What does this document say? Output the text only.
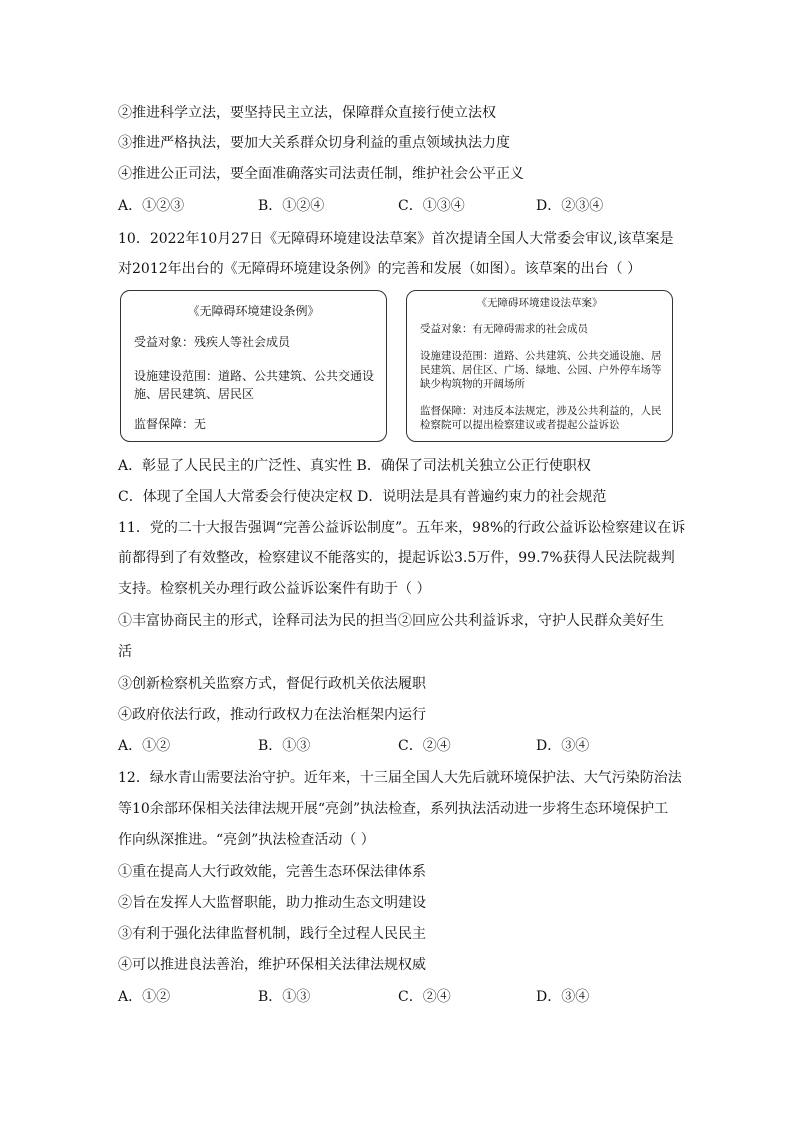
②推进科学立法，要坚持民主立法，保障群众直接行使立法权
③推进严格执法，要加大关系群众切身利益的重点领域执法力度
④推进公正司法，要全面准确落实司法责任制，维护社会公平正义
A．①②③	B．①②④	C．①③④	D．②③④
10．2022年10月27日《无障碍环境建设法草案》首次提请全国人大常委会审议,该草案是
对2012年出台的《无障碍环境建设条例》的完善和发展（如图）。该草案的出台（ ）
《无障碍环境建设条例》
受益对象：残疾人等社会成员
设施建设范围：道路、公共建筑、公共交通设施、居民建筑、居民区
监督保障：无
《无障碍环境建设法草案》
受益对象：有无障碍需求的社会成员
设施建设范围：道路、公共建筑、公共交通设施、居民建筑、居住区、广场、绿地、公园、户外停车场等缺少构筑物的开阔场所
监督保障：对违反本法规定，涉及公共利益的，人民检察院可以提出检察建议或者提起公益诉讼
A．彰显了人民民主的广泛性、真实性 B．确保了司法机关独立公正行使职权
C．体现了全国人大常委会行使决定权 D．说明法是具有普遍约束力的社会规范
11．党的二十大报告强调“完善公益诉讼制度”。五年来，98%的行政公益诉讼检察建议在诉
前都得到了有效整改，检察建议不能落实的，提起诉讼3.5万件，99.7%获得人民法院裁判
支持。检察机关办理行政公益诉讼案件有助于（ ）
①丰富协商民主的形式，诠释司法为民的担当②回应公共利益诉求，守护人民群众美好生
活
③创新检察机关监察方式，督促行政机关依法履职
④政府依法行政，推动行政权力在法治框架内运行
A．①②	B．①③	C．②④	D．③④
12．绿水青山需要法治守护。近年来，十三届全国人大先后就环境保护法、大气污染防治法
等10余部环保相关法律法规开展“亮剑”执法检查，系列执法活动进一步将生态环境保护工
作向纵深推进。“亮剑”执法检查活动（ ）
①重在提高人大行政效能，完善生态环保法律体系
②旨在发挥人大监督职能，助力推动生态文明建设
③有利于强化法律监督机制，践行全过程人民民主
④可以推进良法善治，维护环保相关法律法规权威
A．①②	B．①③	C．②④	D．③④
